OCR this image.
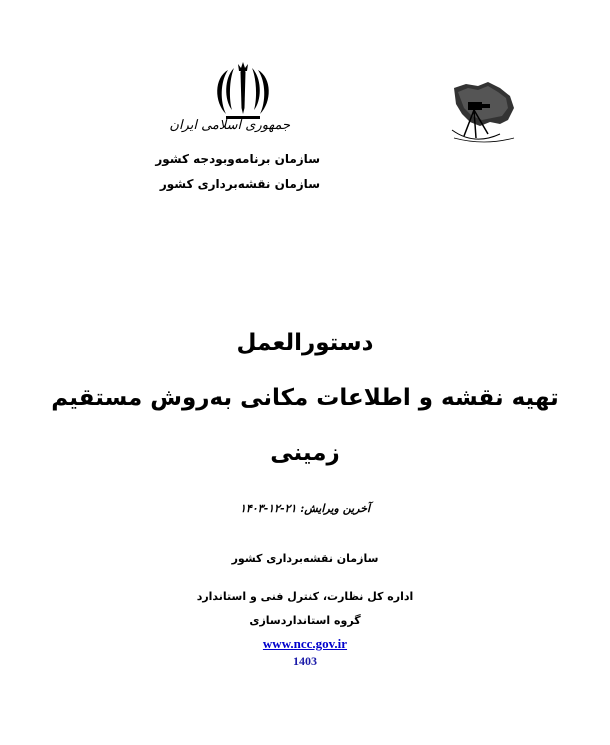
جمهوری اسلامی ایران
سازمان برنامه‌وبودجه کشور
سازمان نقشه‌برداری کشور
دستورالعمل
تهیه نقشه و اطلاعات مکانی به‌روش مستقیم
زمینی
آخرین ویرایش: ۲۱-۱۲-۱۴۰۳
سازمان نقشه‌برداری کشور
اداره کل نظارت، کنترل فنی و استاندارد
گروه استانداردسازی
www.ncc.gov.ir
1403
